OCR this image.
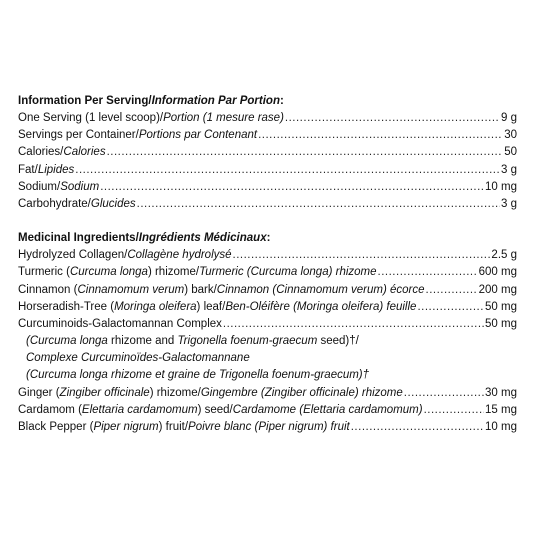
Information Per Serving/Information Par Portion:
One Serving (1 level scoop)/Portion (1 mesure rase) .....	9 g
Servings per Container/Portions par Contenant .....	30
Calories/Calories .....	50
Fat/Lipides .....	3 g
Sodium/Sodium .....	10 mg
Carbohydrate/Glucides .....	3 g
Medicinal Ingredients/Ingrédients Médicinaux:
Hydrolyzed Collagen/Collagène hydrolysé .....	2.5 g
Turmeric (Curcuma longa) rhizome/Turmeric (Curcuma longa) rhizome .....	600 mg
Cinnamon (Cinnamomum verum) bark/Cinnamon (Cinnamomum verum) écorce .....	200 mg
Horseradish-Tree (Moringa oleifera) leaf/Ben-Oléifère (Moringa oleifera) feuille .....	50 mg
Curcuminoids-Galactomannan Complex .....	50 mg
(Curcuma longa rhizome and Trigonella foenum-graecum seed)†/
Complexe Curcuminoïdes-Galactomannane
(Curcuma longa rhizome et graine de Trigonella foenum-graecum)†
Ginger (Zingiber officinale) rhizome/Gingembre (Zingiber officinale) rhizome .....	30 mg
Cardamom (Elettaria cardamomum) seed/Cardamome (Elettaria cardamomum) .....	15 mg
Black Pepper (Piper nigrum) fruit/Poivre blanc (Piper nigrum) fruit .....	10 mg
